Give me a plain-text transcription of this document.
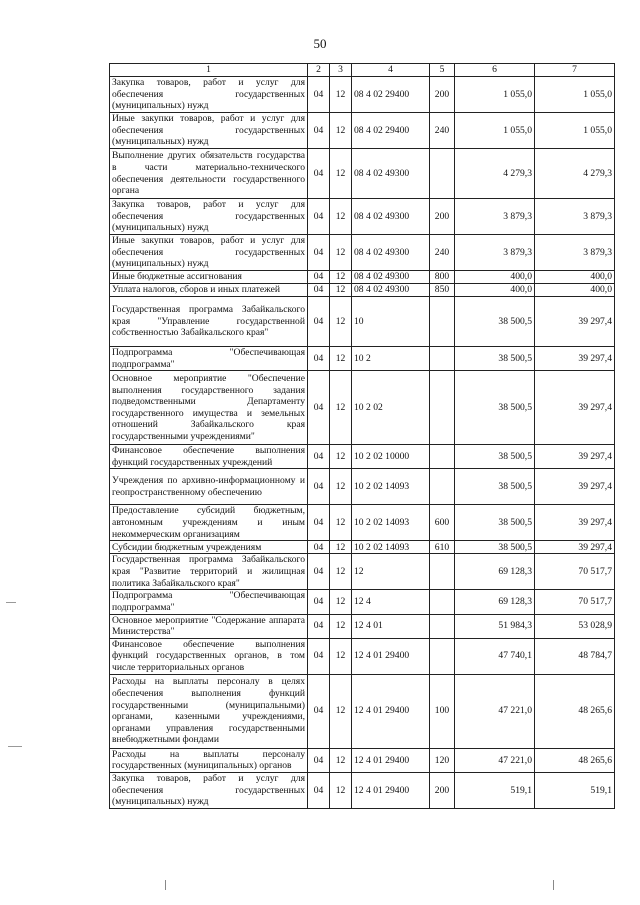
50
1	2	3	4	5	6	7
Закупка товаров, работ и услуг для обеспечения государственных (муниципальных) нужд	04	12	08 4 02 29400	200	1 055,0	1 055,0
Иные закупки товаров, работ и услуг для обеспечения государственных (муниципальных) нужд	04	12	08 4 02 29400	240	1 055,0	1 055,0
Выполнение других обязательств государства в части материально-технического обеспечения деятельности государственного органа	04	12	08 4 02 49300		4 279,3	4 279,3
Закупка товаров, работ и услуг для обеспечения государственных (муниципальных) нужд	04	12	08 4 02 49300	200	3 879,3	3 879,3
Иные закупки товаров, работ и услуг для обеспечения государственных (муниципальных) нужд	04	12	08 4 02 49300	240	3 879,3	3 879,3
Иные бюджетные ассигнования	04	12	08 4 02 49300	800	400,0	400,0
Уплата налогов, сборов и иных платежей	04	12	08 4 02 49300	850	400,0	400,0
Государственная программа Забайкальского края "Управление государственной собственностью Забайкальского края"	04	12	10		38 500,5	39 297,4
Подпрограмма "Обеспечивающая подпрограмма"	04	12	10 2		38 500,5	39 297,4
Основное мероприятие "Обеспечение выполнения государственного задания подведомственными Департаменту государственного имущества и земельных отношений Забайкальского края государственными учреждениями"	04	12	10 2 02		38 500,5	39 297,4
Финансовое обеспечение выполнения функций государственных учреждений	04	12	10 2 02 10000		38 500,5	39 297,4
Учреждения по архивно-информационному и геопространственному обеспечению	04	12	10 2 02 14093		38 500,5	39 297,4
Предоставление субсидий бюджетным, автономным учреждениям и иным некоммерческим организациям	04	12	10 2 02 14093	600	38 500,5	39 297,4
Субсидии бюджетным учреждениям	04	12	10 2 02 14093	610	38 500,5	39 297,4
Государственная программа Забайкальского края "Развитие территорий и жилищная политика Забайкальского края"	04	12	12		69 128,3	70 517,7
Подпрограмма "Обеспечивающая подпрограмма"	04	12	12 4		69 128,3	70 517,7
Основное мероприятие "Содержание аппарата Министерства"	04	12	12 4 01		51 984,3	53 028,9
Финансовое обеспечение выполнения функций государственных органов, в том числе территориальных органов	04	12	12 4 01 29400		47 740,1	48 784,7
Расходы на выплаты персоналу в целях обеспечения выполнения функций государственными (муниципальными) органами, казенными учреждениями, органами управления государственными внебюджетными фондами	04	12	12 4 01 29400	100	47 221,0	48 265,6
Расходы на выплаты персоналу государственных (муниципальных) органов	04	12	12 4 01 29400	120	47 221,0	48 265,6
Закупка товаров, работ и услуг для обеспечения государственных (муниципальных) нужд	04	12	12 4 01 29400	200	519,1	519,1
